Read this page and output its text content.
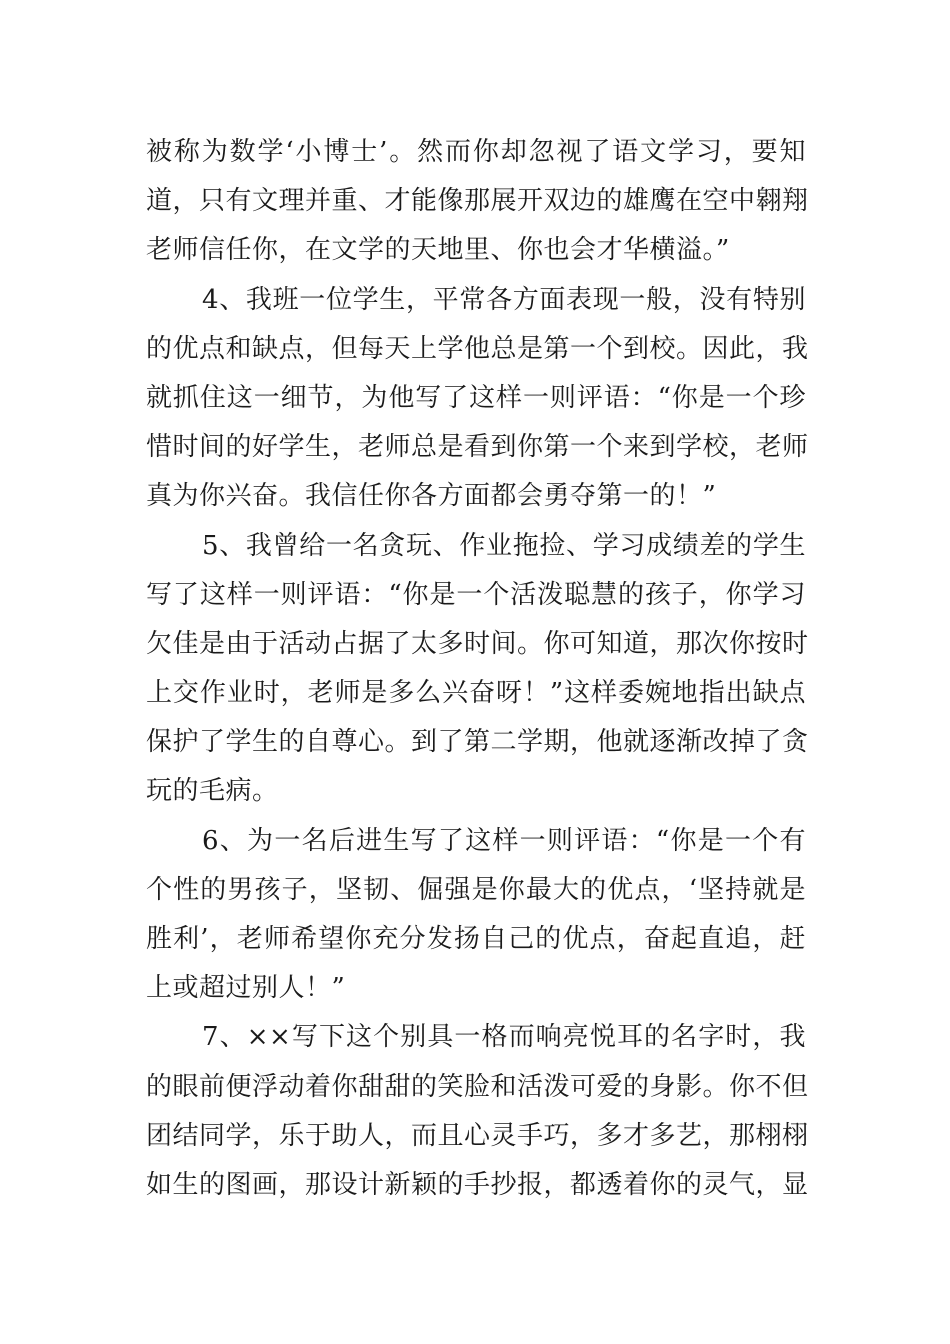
被称为数学‘小博士’。然而你却忽视了语文学习，要知
道，只有文理并重、才能像那展开双边的雄鹰在空中翱翔
老师信任你，在文学的天地里、你也会才华横溢。”
4、我班一位学生，平常各方面表现一般，没有特别
的优点和缺点，但每天上学他总是第一个到校。因此，我
就抓住这一细节，为他写了这样一则评语：“你是一个珍
惜时间的好学生，老师总是看到你第一个来到学校，老师
真为你兴奋。我信任你各方面都会勇夺第一的！”
5、我曾给一名贪玩、作业拖捡、学习成绩差的学生
写了这样一则评语：“你是一个活泼聪慧的孩子，你学习
欠佳是由于活动占据了太多时间。你可知道，那次你按时
上交作业时，老师是多么兴奋呀！”这样委婉地指出缺点
保护了学生的自尊心。到了第二学期，他就逐渐改掉了贪
玩的毛病。
6、为一名后进生写了这样一则评语：“你是一个有
个性的男孩子，坚韧、倔强是你最大的优点，‘坚持就是
胜利’，老师希望你充分发扬自己的优点，奋起直追，赶
上或超过别人！”
7、××写下这个别具一格而响亮悦耳的名字时，我
的眼前便浮动着你甜甜的笑脸和活泼可爱的身影。你不但
团结同学，乐于助人，而且心灵手巧，多才多艺，那栩栩
如生的图画，那设计新颖的手抄报，都透着你的灵气，显
